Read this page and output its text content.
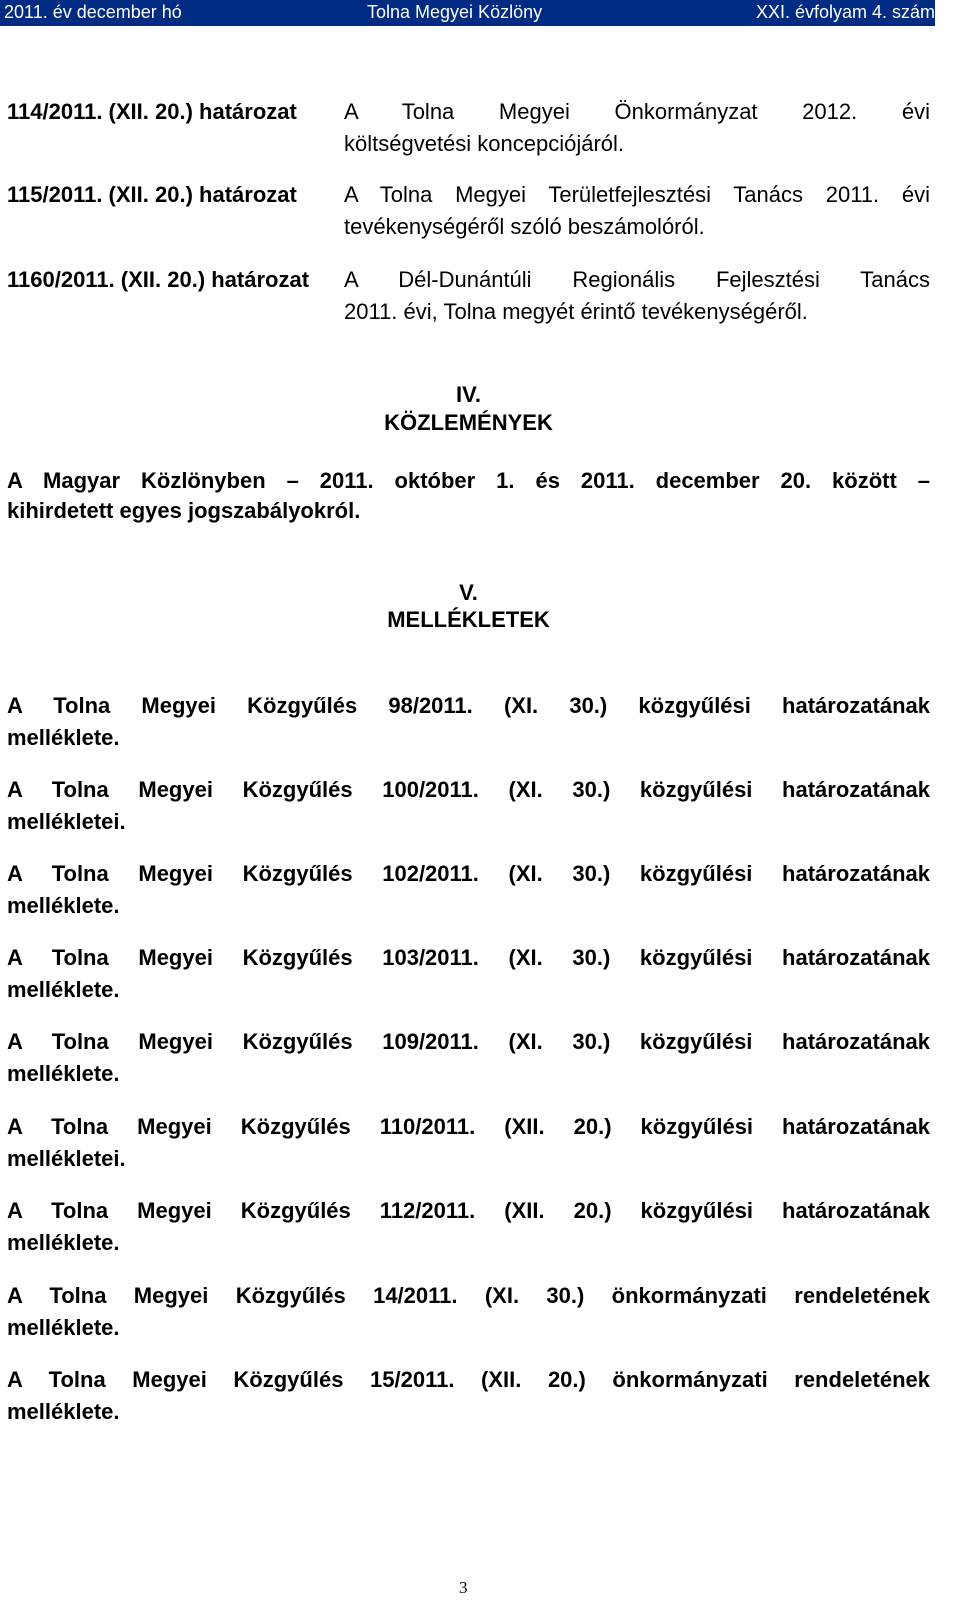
2011. év december hó	Tolna Megyei Közlöny	XXI. évfolyam 4. szám
114/2011. (XII. 20.) határozat A Tolna Megyei Önkormányzat 2012. évi
költségvetési koncepciójáról.
115/2011. (XII. 20.) határozat A Tolna Megyei Területfejlesztési Tanács 2011. évi
tevékenységéről szóló beszámolóról.
1160/2011. (XII. 20.) határozat A Dél-Dunántúli Regionális Fejlesztési Tanács
2011. évi, Tolna megyét érintő tevékenységéről.
IV.
KÖZLEMÉNYEK
A Magyar Közlönyben – 2011. október 1. és 2011. december 20. között –
kihirdetett egyes jogszabályokról.
V.
MELLÉKLETEK
A Tolna Megyei Közgyűlés 98/2011. (XI. 30.) közgyűlési határozatának
melléklete.
A Tolna Megyei Közgyűlés 100/2011. (XI. 30.) közgyűlési határozatának
mellékletei.
A Tolna Megyei Közgyűlés 102/2011. (XI. 30.) közgyűlési határozatának
melléklete.
A Tolna Megyei Közgyűlés 103/2011. (XI. 30.) közgyűlési határozatának
melléklete.
A Tolna Megyei Közgyűlés 109/2011. (XI. 30.) közgyűlési határozatának
melléklete.
A Tolna Megyei Közgyűlés 110/2011. (XII. 20.) közgyűlési határozatának
mellékletei.
A Tolna Megyei Közgyűlés 112/2011. (XII. 20.) közgyűlési határozatának
melléklete.
A Tolna Megyei Közgyűlés 14/2011. (XI. 30.) önkormányzati rendeletének
melléklete.
A Tolna Megyei Közgyűlés 15/2011. (XII. 20.) önkormányzati rendeletének
melléklete.
3
